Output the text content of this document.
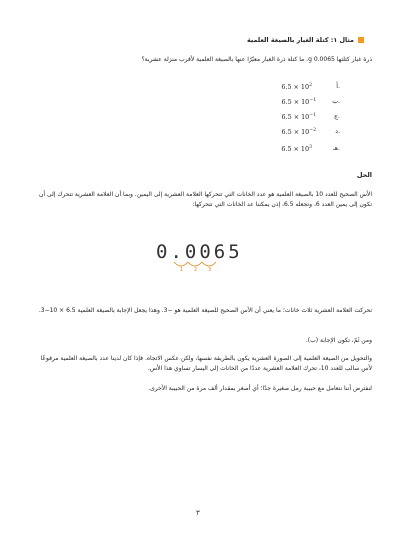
مثال ١: كتلة الغبار بالصيغة العلمية
ذرة غبار كتلتها 0.0065 g. ما كتلة ذرة الغبار معبّرًا عنها بالصيغة العلمية لأقرب منزلة عشرية؟
أ.
$6.5 \times 10^2$
ب.
$6.5 \times 10^{-1}$
ج.
$6.5 \times 10^{-1}$
د.
$6.5 \times 10^{-2}$
هـ.
$6.5 \times 10^3$
الحل
الأس الصحيح للعدد 10 بالصيغة العلمية هو عدد الخانات التي تتحركها العلامة العشرية إلى اليمين. وبما أن العلامة العشرية تتحرك إلى أن تكون إلى يمين العدد 6، وتجعله 6.5، إذن يمكننا عد الخانات التي تتحركها:
0.0065
1 2 3
تحركت العلامة العشرية ثلاث خانات؛ ما يعني أن الأس الصحيح للصيغة العلمية هو −3. وهذا يجعل الإجابة بالصيغة العلمية 6.5 × 10−3.
ومن ثَمّ، تكون الإجابة (ب).
والتحويل من الصيغة العلمية إلى الصورة العشرية يكون بالطريقة نفسها، ولكن عكس الاتجاه. فإذا كان لدينا عدد بالصيغة العلمية مرفوعًا لأس سالب للعدد 10، تحرك العلامة العشرية عددًا من الخانات إلى اليسار تساوي هذا الأس.
لنفترض أننا نتعامل مع حبيبة رمل صغيرة جدًا؛ أي أصغر بمقدار ألف مرة من الحبيبة الأخرى.
٣
